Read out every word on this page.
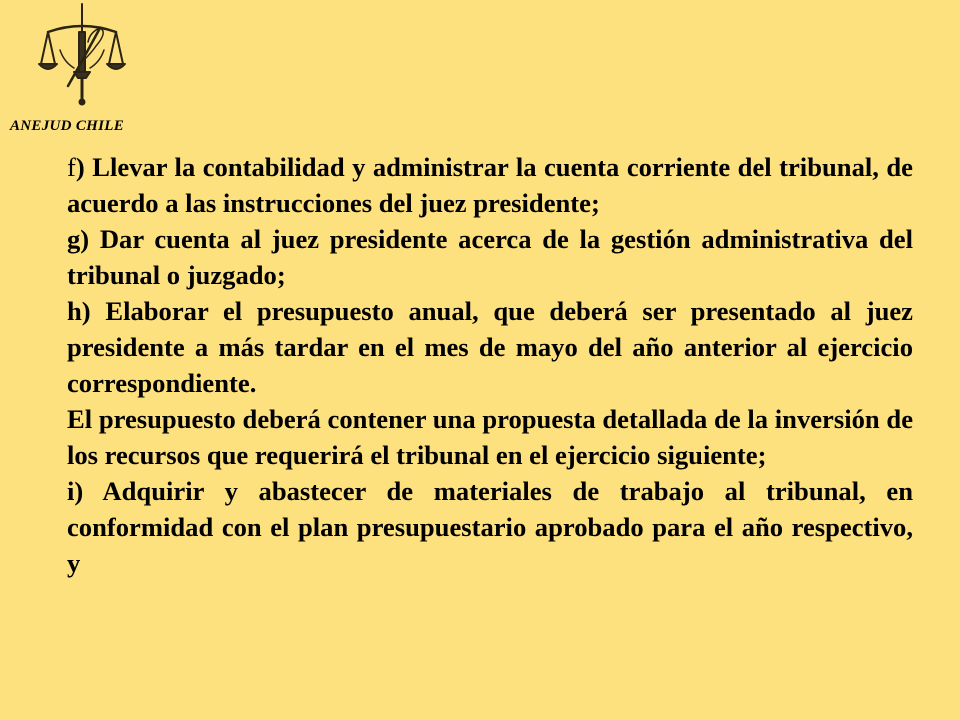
ANEJUD CHILE

f) Llevar la contabilidad y administrar la cuenta corriente del tribunal, de acuerdo a las instrucciones del juez presidente;

g) Dar cuenta al juez presidente acerca de la gestión administrativa del tribunal o juzgado;

h) Elaborar el presupuesto anual, que deberá ser presentado al juez presidente a más tardar en el mes de mayo del año anterior al ejercicio correspondiente.

El presupuesto deberá contener una propuesta detallada de la inversión de los recursos que requerirá el tribunal en el ejercicio siguiente;

i) Adquirir y abastecer de materiales de trabajo al tribunal, en conformidad con el plan presupuestario aprobado para el año respectivo, y
